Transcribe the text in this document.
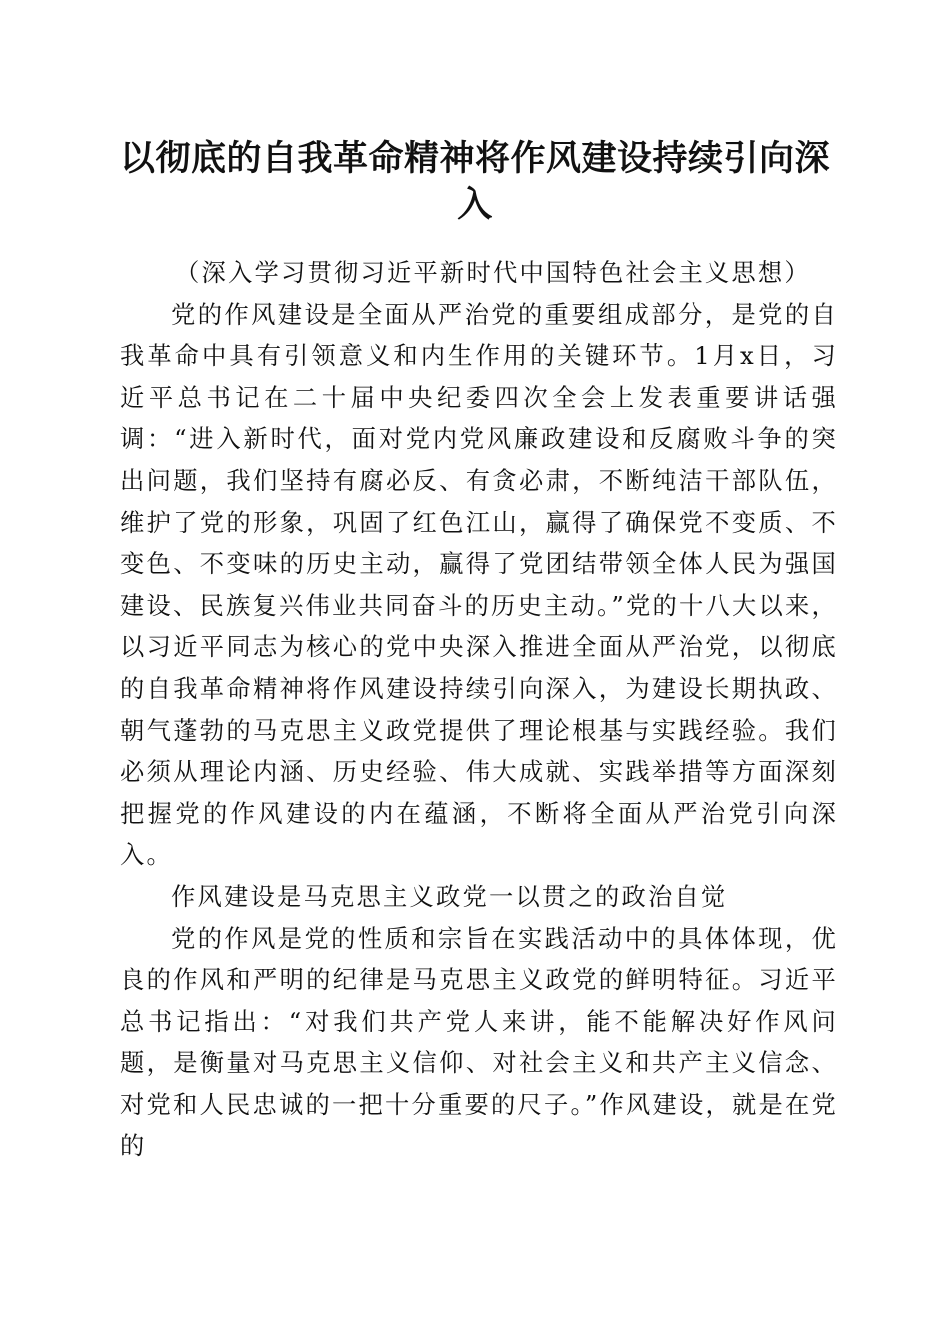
以彻底的自我革命精神将作风建设持续引向深入

（深入学习贯彻习近平新时代中国特色社会主义思想）

党的作风建设是全面从严治党的重要组成部分，是党的自我革命中具有引领意义和内生作用的关键环节。1月x日，习近平总书记在二十届中央纪委四次全会上发表重要讲话强调：“进入新时代，面对党内党风廉政建设和反腐败斗争的突出问题，我们坚持有腐必反、有贪必肃，不断纯洁干部队伍，维护了党的形象，巩固了红色江山，赢得了确保党不变质、不变色、不变味的历史主动，赢得了党团结带领全体人民为强国建设、民族复兴伟业共同奋斗的历史主动。”党的十八大以来，以习近平同志为核心的党中央深入推进全面从严治党，以彻底的自我革命精神将作风建设持续引向深入，为建设长期执政、朝气蓬勃的马克思主义政党提供了理论根基与实践经验。我们必须从理论内涵、历史经验、伟大成就、实践举措等方面深刻把握党的作风建设的内在蕴涵，不断将全面从严治党引向深入。

作风建设是马克思主义政党一以贯之的政治自觉

党的作风是党的性质和宗旨在实践活动中的具体体现，优良的作风和严明的纪律是马克思主义政党的鲜明特征。习近平总书记指出：“对我们共产党人来讲，能不能解决好作风问题，是衡量对马克思主义信仰、对社会主义和共产主义信念、对党和人民忠诚的一把十分重要的尺子。”作风建设，就是在党的
